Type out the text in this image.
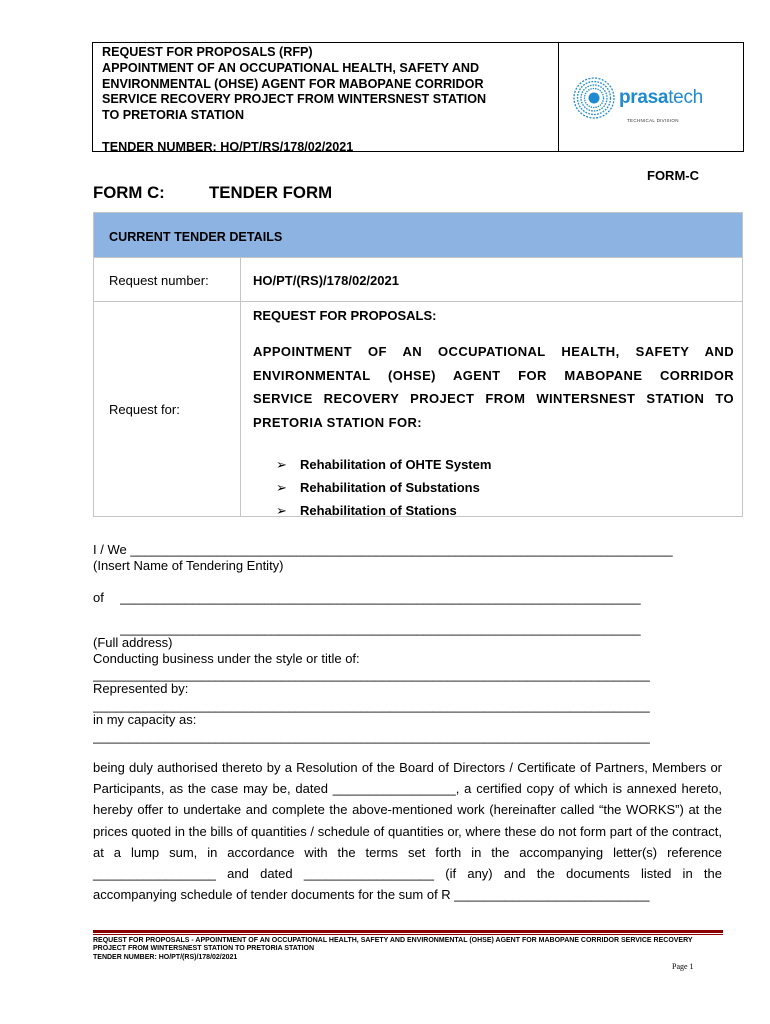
REQUEST FOR PROPOSALS (RFP)
APPOINTMENT OF AN OCCUPATIONAL HEALTH, SAFETY AND
ENVIRONMENTAL (OHSE) AGENT FOR MABOPANE CORRIDOR
SERVICE RECOVERY PROJECT FROM WINTERSNEST STATION
TO PRETORIA STATION
TENDER NUMBER: HO/PT/RS/178/02/2021
prasatech
TECHNICAL DIVISION
FORM-C
FORM C:	TENDER FORM
CURRENT TENDER DETAILS
Request number:	HO/PT/(RS)/178/02/2021
Request for:
REQUEST FOR PROPOSALS:
APPOINTMENT OF AN OCCUPATIONAL HEALTH, SAFETY AND
ENVIRONMENTAL (OHSE) AGENT FOR MABOPANE CORRIDOR
SERVICE RECOVERY PROJECT FROM WINTERSNEST STATION TO
PRETORIA STATION FOR:
➢ Rehabilitation of OHTE System
➢ Rehabilitation of Substations
➢ Rehabilitation of Stations
I / We ___________________________________________________________________________
(Insert Name of Tendering Entity)
of ________________________________________________________________________
________________________________________________________________________
(Full address)
Conducting business under the style or title of:
_____________________________________________________________________________
Represented by:
_____________________________________________________________________________
in my capacity as:
_____________________________________________________________________________
being duly authorised thereto by a Resolution of the Board of Directors / Certificate of Partners, Members or Participants, as the case may be, dated _________________, a certified copy of which is annexed hereto, hereby offer to undertake and complete the above-mentioned work (hereinafter called “the WORKS”) at the prices quoted in the bills of quantities / schedule of quantities or, where these do not form part of the contract, at a lump sum, in accordance with the terms set forth in the accompanying letter(s) reference _________________ and dated __________________ (if any) and the documents listed in the accompanying schedule of tender documents for the sum of R ___________________________
REQUEST FOR PROPOSALS - APPOINTMENT OF AN OCCUPATIONAL HEALTH, SAFETY AND ENVIRONMENTAL (OHSE) AGENT FOR MABOPANE CORRIDOR SERVICE RECOVERY PROJECT FROM WINTERSNEST STATION TO PRETORIA STATION
TENDER NUMBER: HO/PT/(RS)/178/02/2021
Page 1
